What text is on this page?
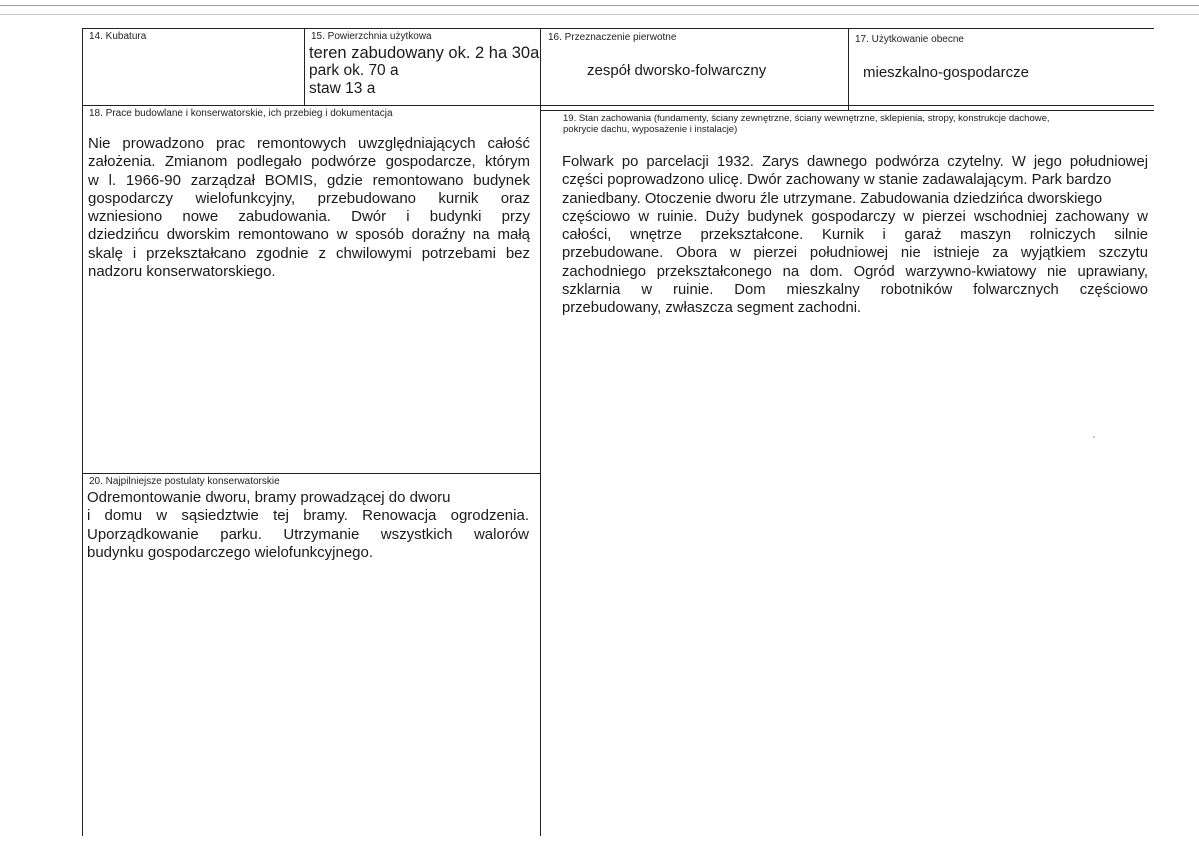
14. Kubatura	15. Powierzchnia użytkowa
teren zabudowany ok. 2 ha 30a
park ok. 70 a
staw 13 a
16. Przeznaczenie pierwotne
zespół dworsko-folwarczny
17. Użytkowanie obecne
mieszkalno-gospodarcze
18. Prace budowlane i konserwatorskie, ich przebieg i dokumentacja
Nie prowadzono prac remontowych uwzględniających całość
założenia. Zmianom podlegało podwórze gospodarcze, którym
w l. 1966-90 zarządzał BOMIS, gdzie remontowano budynek
gospodarczy wielofunkcyjny, przebudowano kurnik oraz
wzniesiono nowe zabudowania. Dwór i budynki przy
dziedzińcu dworskim remontowano w sposób doraźny na małą
skalę i przekształcano zgodnie z chwilowymi potrzebami bez
nadzoru konserwatorskiego.
19. Stan zachowania (fundamenty, ściany zewnętrzne, ściany wewnętrzne, sklepienia, stropy, konstrukcje dachowe,
pokrycie dachu, wyposażenie i instalacje)
Folwark po parcelacji 1932. Zarys dawnego podwórza czytelny. W jego południowej
części poprowadzono ulicę. Dwór zachowany w stanie zadawalającym. Park bardzo
zaniedbany. Otoczenie dworu źle utrzymane. Zabudowania dziedzińca dworskiego
częściowo w ruinie. Duży budynek gospodarczy w pierzei wschodniej zachowany w
całości, wnętrze przekształcone. Kurnik i garaż maszyn rolniczych silnie
przebudowane. Obora w pierzei południowej nie istnieje za wyjątkiem szczytu
zachodniego przekształconego na dom. Ogród warzywno-kwiatowy nie uprawiany,
szklarnia w ruinie. Dom mieszkalny robotników folwarcznych częściowo
przebudowany, zwłaszcza segment zachodni.
20. Najpilniejsze postulaty konserwatorskie
Odremontowanie dworu, bramy prowadzącej do dworu
i domu w sąsiedztwie tej bramy. Renowacja ogrodzenia.
Uporządkowanie parku. Utrzymanie wszystkich walorów
budynku gospodarczego wielofunkcyjnego.
